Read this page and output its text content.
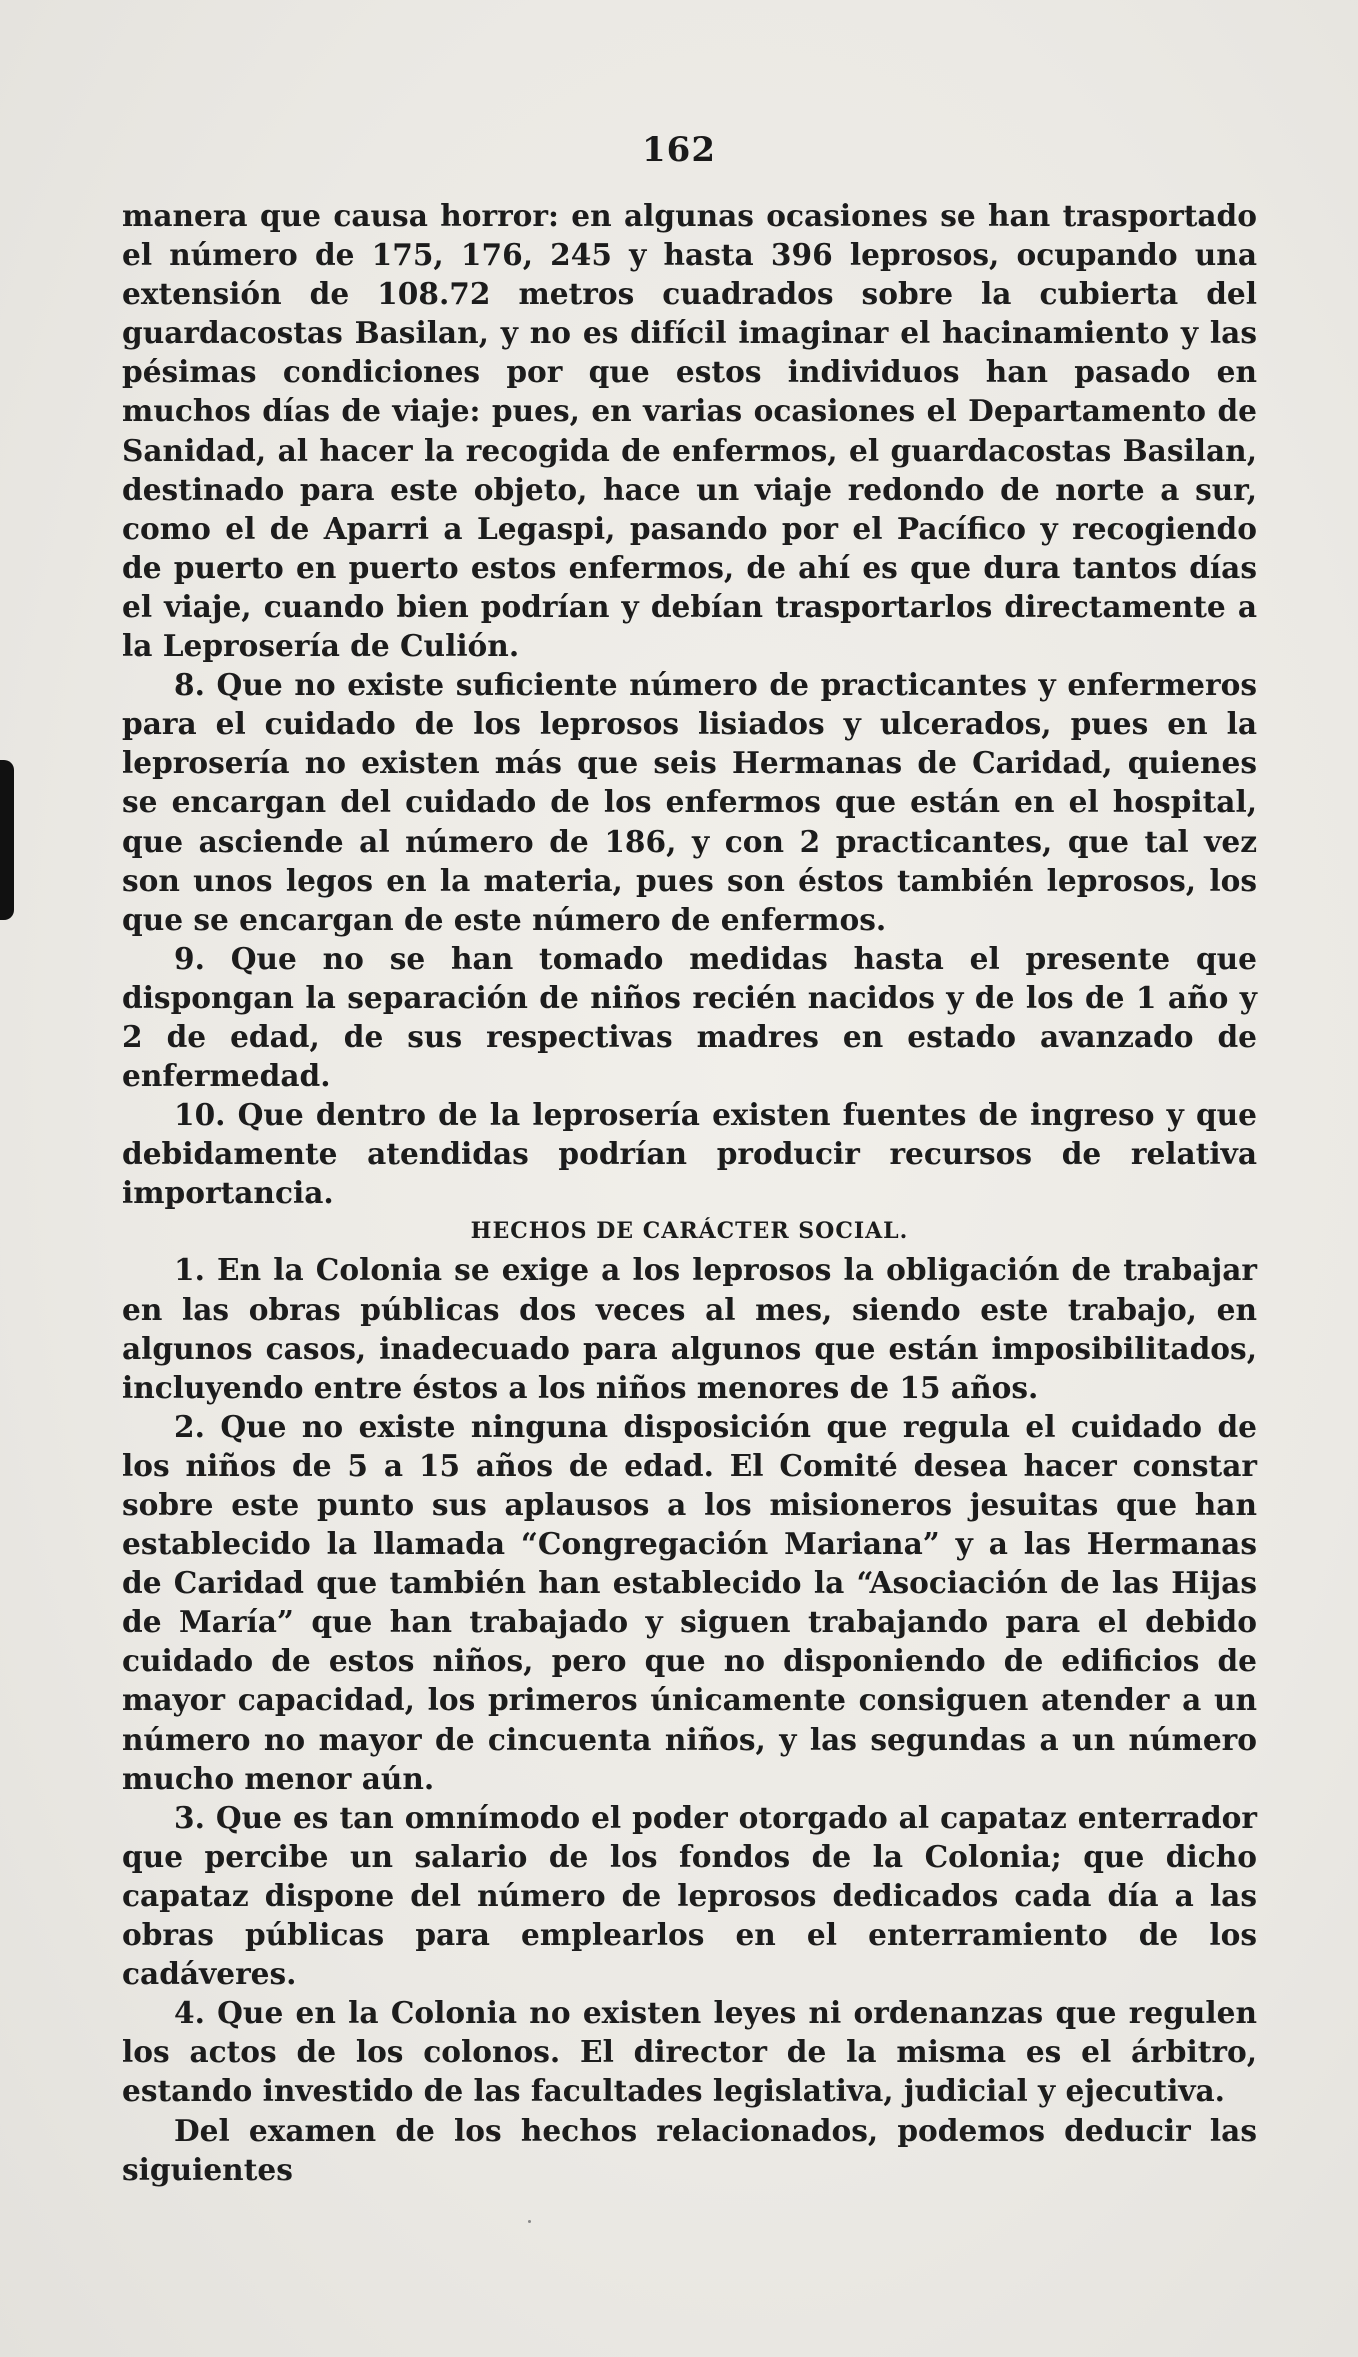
162

manera que causa horror: en algunas ocasiones se han trasportado el número de 175, 176, 245 y hasta 396 leprosos, ocupando una extensión de 108.72 metros cuadrados sobre la cubierta del guardacostas Basilan, y no es difícil imaginar el hacinamiento y las pésimas condiciones por que estos individuos han pasado en muchos días de viaje: pues, en varias ocasiones el Departamento de Sanidad, al hacer la recogida de enfermos, el guardacostas Basilan, destinado para este objeto, hace un viaje redondo de norte a sur, como el de Aparri a Legaspi, pasando por el Pacífico y recogiendo de puerto en puerto estos enfermos, de ahí es que dura tantos días el viaje, cuando bien podrían y debían trasportarlos directamente a la Leprosería de Culión.

8. Que no existe suficiente número de practicantes y enfermeros para el cuidado de los leprosos lisiados y ulcerados, pues en la leprosería no existen más que seis Hermanas de Caridad, quienes se encargan del cuidado de los enfermos que están en el hospital, que asciende al número de 186, y con 2 practicantes, que tal vez son unos legos en la materia, pues son éstos también leprosos, los que se encargan de este número de enfermos.

9. Que no se han tomado medidas hasta el presente que dispongan la separación de niños recién nacidos y de los de 1 año y 2 de edad, de sus respectivas madres en estado avanzado de enfermedad.

10. Que dentro de la leprosería existen fuentes de ingreso y que debidamente atendidas podrían producir recursos de relativa importancia.

HECHOS DE CARÁCTER SOCIAL.

1. En la Colonia se exige a los leprosos la obligación de trabajar en las obras públicas dos veces al mes, siendo este trabajo, en algunos casos, inadecuado para algunos que están imposibilitados, incluyendo entre éstos a los niños menores de 15 años.

2. Que no existe ninguna disposición que regula el cuidado de los niños de 5 a 15 años de edad. El Comité desea hacer constar sobre este punto sus aplausos a los misioneros jesuitas que han establecido la llamada “Congregación Mariana” y a las Hermanas de Caridad que también han establecido la “Asociación de las Hijas de María” que han trabajado y siguen trabajando para el debido cuidado de estos niños, pero que no disponiendo de edificios de mayor capacidad, los primeros únicamente consiguen atender a un número no mayor de cincuenta niños, y las segundas a un número mucho menor aún.

3. Que es tan omnímodo el poder otorgado al capataz enterrador que percibe un salario de los fondos de la Colonia; que dicho capataz dispone del número de leprosos dedicados cada día a las obras públicas para emplearlos en el enterramiento de los cadáveres.

4. Que en la Colonia no existen leyes ni ordenanzas que regulen los actos de los colonos. El director de la misma es el árbitro, estando investido de las facultades legislativa, judicial y ejecutiva.

Del examen de los hechos relacionados, podemos deducir las siguientes
